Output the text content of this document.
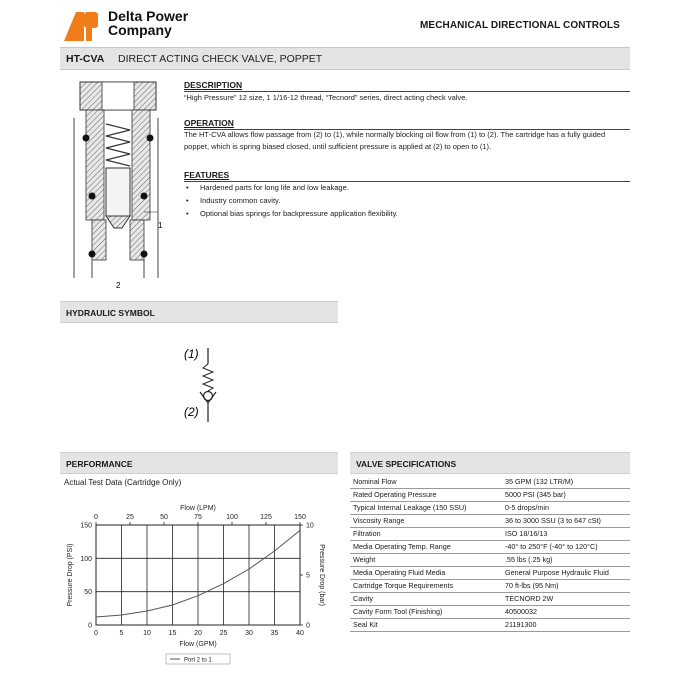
Delta Power
Company	MECHANICAL DIRECTIONAL CONTROLS
HT-CVA DIRECT ACTING CHECK VALVE, POPPET
1
2
DESCRIPTION
“High Pressure” 12 size, 1 1/16-12 thread, “Tecnord” series, direct acting check valve.
OPERATION
The HT-CVA allows flow passage from (2) to (1), while normally blocking oil flow from (1) to (2). The cartridge has a fully guided poppet, which is spring biased closed, until sufficient pressure is applied at (2) to open to (1).
FEATURES
• Hardened parts for long life and low leakage.
• Industry common cavity.
• Optional bias springs for backpressure application flexibility.
HYDRAULIC SYMBOL
(1)
(2)
PERFORMANCE
Actual Test Data (Cartridge Only)
0	5	10	15	20	25	30	35	40
0
50
100
150
0	25	50	75	100	125	150
0
5
10
Flow (LPM)
Flow (GPM)
Pressure Drop (PSI)	Pressure Drop (bar)
Port 2 to 1
VALVE SPECIFICATIONS
Nominal Flow	35 GPM (132 LTR/M)
Rated Operating Pressure	5000 PSI (345 bar)
Typical Internal Leakage (150 SSU)	0-5 drops/min
Viscosity Range	36 to 3000 SSU (3 to 647 cSt)
Filtration	ISO 18/16/13
Media Operating Temp. Range	-40° to 250°F (-40° to 120°C)
Weight	.55 lbs (.25 kg)
Media Operating Fluid Media	General Purpose Hydraulic Fluid
Cartridge Torque Requirements	70 ft-lbs (95 Nm)
Cavity	TECNORD 2W
Cavity Form Tool (Finishing)	40500032
Seal Kit	21191300
